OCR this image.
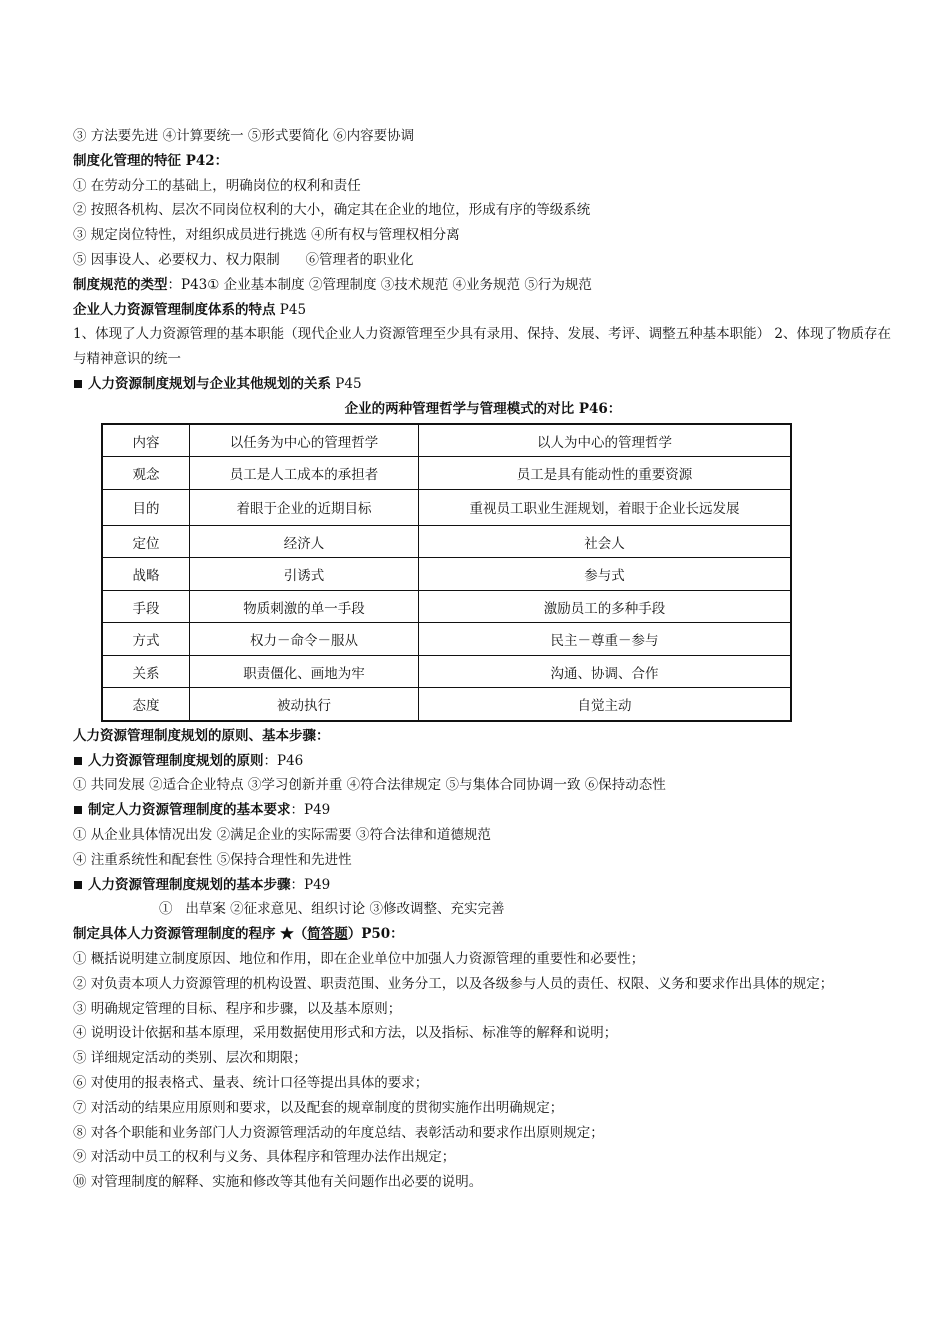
③ 方法要先进 ④计算要统一 ⑤形式要简化 ⑥内容要协调
制度化管理的特征 P42：
① 在劳动分工的基础上，明确岗位的权利和责任
② 按照各机构、层次不同岗位权利的大小，确定其在企业的地位，形成有序的等级系统
③ 规定岗位特性，对组织成员进行挑选 ④所有权与管理权相分离
⑤ 因事设人、必要权力、权力限制      ⑥管理者的职业化
制度规范的类型：P43① 企业基本制度 ②管理制度 ③技术规范 ④业务规范 ⑤行为规范
企业人力资源管理制度体系的特点 P45
1、体现了人力资源管理的基本职能（现代企业人力资源管理至少具有录用、保持、发展、考评、调整五种基本职能） 2、体现了物质存在与精神意识的统一
人力资源制度规划与企业其他规划的关系 P45
企业的两种管理哲学与管理模式的对比 P46：
内容	以任务为中心的管理哲学	以人为中心的管理哲学
观念	员工是人工成本的承担者	员工是具有能动性的重要资源
目的	着眼于企业的近期目标	重视员工职业生涯规划，着眼于企业长远发展
定位	经济人	社会人
战略	引诱式	参与式
手段	物质刺激的单一手段	激励员工的多种手段
方式	权力－命令－服从	民主－尊重－参与
关系	职责僵化、画地为牢	沟通、协调、合作
态度	被动执行	自觉主动
人力资源管理制度规划的原则、基本步骤：
人力资源管理制度规划的原则：P46
① 共同发展 ②适合企业特点 ③学习创新并重 ④符合法律规定 ⑤与集体合同协调一致 ⑥保持动态性
制定人力资源管理制度的基本要求：P49
① 从企业具体情况出发 ②满足企业的实际需要 ③符合法律和道德规范
④ 注重系统性和配套性 ⑤保持合理性和先进性
人力资源管理制度规划的基本步骤：P49
①   出草案 ②征求意见、组织讨论 ③修改调整、充实完善
制定具体人力资源管理制度的程序 ★（简答题）P50：
① 概括说明建立制度原因、地位和作用，即在企业单位中加强人力资源管理的重要性和必要性；
② 对负责本项人力资源管理的机构设置、职责范围、业务分工，以及各级参与人员的责任、权限、义务和要求作出具体的规定；
③ 明确规定管理的目标、程序和步骤，以及基本原则；
④ 说明设计依据和基本原理，采用数据使用形式和方法，以及指标、标准等的解释和说明；
⑤ 详细规定活动的类别、层次和期限；
⑥ 对使用的报表格式、量表、统计口径等提出具体的要求；
⑦ 对活动的结果应用原则和要求，以及配套的规章制度的贯彻实施作出明确规定；
⑧ 对各个职能和业务部门人力资源管理活动的年度总结、表彰活动和要求作出原则规定；
⑨ 对活动中员工的权利与义务、具体程序和管理办法作出规定；
⑩ 对管理制度的解释、实施和修改等其他有关问题作出必要的说明。
